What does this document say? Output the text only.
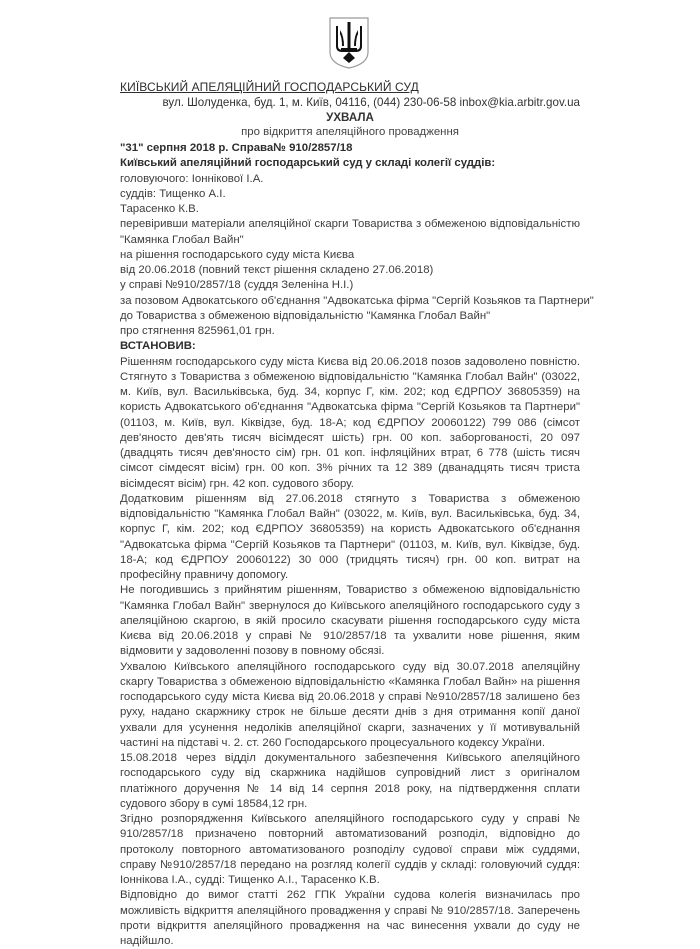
КИЇВСЬКИЙ АПЕЛЯЦІЙНИЙ ГОСПОДАРСЬКИЙ СУД
вул. Шолуденка, буд. 1, м. Київ, 04116, (044) 230-06-58 inbox@kia.arbitr.gov.ua
УХВАЛА
про відкриття апеляційного провадження
"31" серпня 2018 р. Справа№ 910/2857/18
Київський апеляційний господарський суд у складі колегії суддів:
головуючого: Іоннікової І.А.
суддів: Тищенко А.І.
Тарасенко К.В.
перевіривши матеріали апеляційної скарги Товариства з обмеженою відповідальністю
"Камянка Глобал Вайн"
на рішення господарського суду міста Києва
від 20.06.2018 (повний текст рішення складено 27.06.2018)
у справі №910/2857/18 (суддя Зеленіна Н.І.)
за позовом Адвокатського об'єднання "Адвокатська фірма "Сергій Козьяков та Партнери"
до Товариства з обмеженою відповідальністю "Камянка Глобал Вайн"
про стягнення 825961,01 грн.
ВСТАНОВИВ:

Рішенням господарського суду міста Києва від 20.06.2018 позов задоволено повністю. Стягнуто з Товариства з обмеженою відповідальністю "Камянка Глобал Вайн" (03022, м. Київ, вул. Васильківська, буд. 34, корпус Г, кім. 202; код ЄДРПОУ 36805359) на користь Адвокатського об'єднання "Адвокатська фірма "Сергій Козьяков та Партнери" (01103, м. Київ, вул. Кіквідзе, буд. 18-А; код ЄДРПОУ 20060122) 799 086 (сімсот дев'яносто дев'ять тисяч вісімдесят шість) грн. 00 коп. заборгованості, 20 097 (двадцять тисяч дев'яносто сім) грн. 01 коп. інфляційних втрат, 6 778 (шість тисяч сімсот сімдесят вісім) грн. 00 коп. 3% річних та 12 389 (дванадцять тисяч триста вісімдесят вісім) грн. 42 коп. судового збору.

Додатковим рішенням від 27.06.2018 стягнуто з Товариства з обмеженою відповідальністю "Камянка Глобал Вайн" (03022, м. Київ, вул. Васильківська, буд. 34, корпус Г, кім. 202; код ЄДРПОУ 36805359) на користь Адвокатського об'єднання "Адвокатська фірма "Сергій Козьяков та Партнери" (01103, м. Київ, вул. Кіквідзе, буд. 18-А; код ЄДРПОУ 20060122) 30 000 (тридцять тисяч) грн. 00 коп. витрат на професійну правничу допомогу.

Не погодившись з прийнятим рішенням, Товариство з обмеженою відповідальністю "Камянка Глобал Вайн" звернулося до Київського апеляційного господарського суду з апеляційною скаргою, в якій просило скасувати рішення господарського суду міста Києва від 20.06.2018 у справі № 910/2857/18 та ухвалити нове рішення, яким відмовити у задоволенні позову в повному обсязі.

Ухвалою Київського апеляційного господарського суду від 30.07.2018 апеляційну скаргу Товариства з обмеженою відповідальністю «Камянка Глобал Вайн» на рішення господарського суду міста Києва від 20.06.2018 у справі №910/2857/18 залишено без руху, надано скаржнику строк не більше десяти днів з дня отримання копії даної ухвали для усунення недоліків апеляційної скарги, зазначених у її мотивувальній частині на підставі ч. 2. ст. 260 Господарського процесуального кодексу України.

15.08.2018 через відділ документального забезпечення Київського апеляційного господарського суду від скаржника надійшов супровідний лист з оригіналом платіжного доручення № 14 від 14 серпня 2018 року, на підтвердження сплати судового збору в сумі 18584,12 грн.

Згідно розпорядження Київського апеляційного господарського суду у справі № 910/2857/18 призначено повторний автоматизований розподіл, відповідно до протоколу повторного автоматизованого розподілу судової справи між суддями, справу №910/2857/18 передано на розгляд колегії суддів у складі: головуючий суддя: Іоннікова І.А., судді: Тищенко А.І., Тарасенко К.В.

Відповідно до вимог статті 262 ГПК України судова колегія визначилась про можливість відкриття апеляційного провадження у справі № 910/2857/18. Заперечень проти відкриття апеляційного провадження на час винесення ухвали до суду не надійшло.
